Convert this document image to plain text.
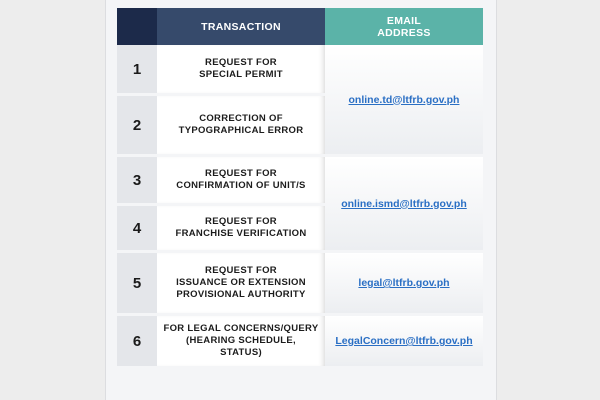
	TRANSACTION	EMAIL
ADDRESS
1	REQUEST FOR
SPECIAL PERMIT	online.td@ltfrb.gov.ph
2	CORRECTION OF
TYPOGRAPHICAL ERROR	
3	REQUEST FOR
CONFIRMATION OF UNIT/S	online.ismd@ltfrb.gov.ph
4	REQUEST FOR
FRANCHISE VERIFICATION	
5	REQUEST FOR
ISSUANCE OR EXTENSION
PROVISIONAL AUTHORITY	legal@ltfrb.gov.ph
6	FOR LEGAL CONCERNS/QUERY
(HEARING SCHEDULE,
STATUS)	LegalConcern@ltfrb.gov.ph
